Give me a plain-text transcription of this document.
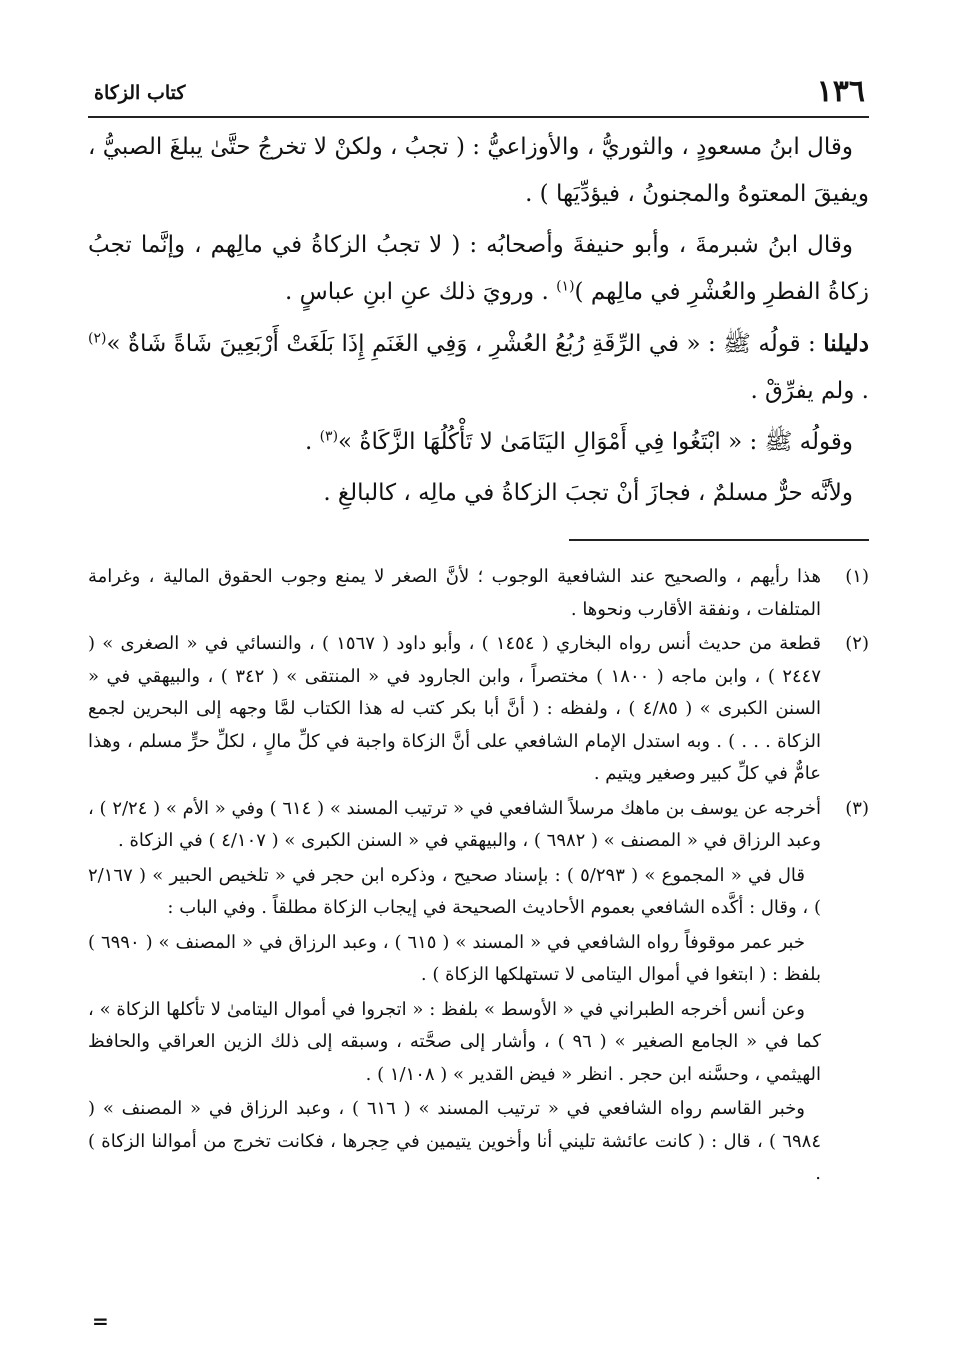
١٣٦
كتاب الزكاة

وقال ابنُ مسعودٍ ، والثوريُّ ، والأوزاعيُّ : ( تجبُ ، ولكنْ لا تخرجُ حتَّىٰ يبلغَ الصبيُّ ، ويفيقَ المعتوهُ والمجنونُ ، فيؤدِّيَها ) .

وقال ابنُ شبرمةَ ، وأبو حنيفةَ وأصحابُه : ( لا تجبُ الزكاةُ في مالِهم ، وإنَّما تجبُ زكاةُ الفطرِ والعُشْرِ في مالِهم )$^{(١)}$ . ورويَ ذلك عنِ ابنِ عباسٍ .

دليلنا : قولُه ﷺ : « في الرِّقَةِ رُبُعُ العُشْرِ ، وَفِي الغَنَمِ إِذَا بَلَغَتْ أَرْبَعِينَ شَاةً شَاةٌ »$^{(٢)}$ . ولم يفرِّقْ .

وقولُه ﷺ : « ابْتَغُوا فِي أَمْوَالِ اليَتَامَىٰ لا تَأْكُلُهَا الزَّكَاةُ »$^{(٣)}$ .

ولأنَّه حرٌّ مسلمٌ ، فجازَ أنْ تجبَ الزكاةُ في مالِه ، كالبالغِ .

(١)

هذا رأيهم ، والصحيح عند الشافعية الوجوب ؛ لأنَّ الصغر لا يمنع وجوب الحقوق المالية ، وغرامة المتلفات ، ونفقة الأقارب ونحوها .

(٢)

قطعة من حديث أنس رواه البخاري ( ١٤٥٤ ) ، وأبو داود ( ١٥٦٧ ) ، والنسائي في « الصغرى » ( ٢٤٤٧ ) ، وابن ماجه ( ١٨٠٠ ) مختصراً ، وابن الجارود في « المنتقى » ( ٣٤٢ ) ، والبيهقي في « السنن الكبرى » ( ٤/٨٥ ) ، ولفظه : ( أنَّ أبا بكر كتب له هذا الكتاب لمَّا وجهه إلى البحرين لجمع الزكاة . . . ) . وبه استدل الإمام الشافعي على أنَّ الزكاة واجبة في كلِّ مالٍ ، لكلِّ حرٍّ مسلم ، وهذا عامٌّ في كلِّ كبير وصغير ويتيم .

(٣)

أخرجه عن يوسف بن ماهك مرسلاً الشافعي في « ترتيب المسند » ( ٦١٤ ) وفي « الأم » ( ٢/٢٤ ) ، وعبد الرزاق في « المصنف » ( ٦٩٨٢ ) ، والبيهقي في « السنن الكبرى » ( ٤/١٠٧ ) في الزكاة .

قال في « المجموع » ( ٥/٢٩٣ ) : بإسناد صحيح ، وذكره ابن حجر في « تلخيص الحبير » ( ٢/١٦٧ ) ، وقال : أكَّده الشافعي بعموم الأحاديث الصحيحة في إيجاب الزكاة مطلقاً . وفي الباب :

خبر عمر موقوفاً رواه الشافعي في « المسند » ( ٦١٥ ) ، وعبد الرزاق في « المصنف » ( ٦٩٩٠ ) بلفظ : ( ابتغوا في أموال اليتامى لا تستهلكها الزكاة ) .

وعن أنس أخرجه الطبراني في « الأوسط » بلفظ : « اتجروا في أموال اليتامىٰ لا تأكلها الزكاة » ، كما في « الجامع الصغير » ( ٩٦ ) ، وأشار إلى صحَّته ، وسبقه إلى ذلك الزين العراقي والحافظ الهيثمي ، وحسَّنه ابن حجر . انظر « فيض القدير » ( ١/١٠٨ ) .

وخبر القاسم رواه الشافعي في « ترتيب المسند » ( ٦١٦ ) ، وعبد الرزاق في « المصنف » ( ٦٩٨٤ ) ، قال : ( كانت عائشة تليني أنا وأخوين يتيمين في حِجرها ، فكانت تخرج من أموالنا الزكاة ) .

=
